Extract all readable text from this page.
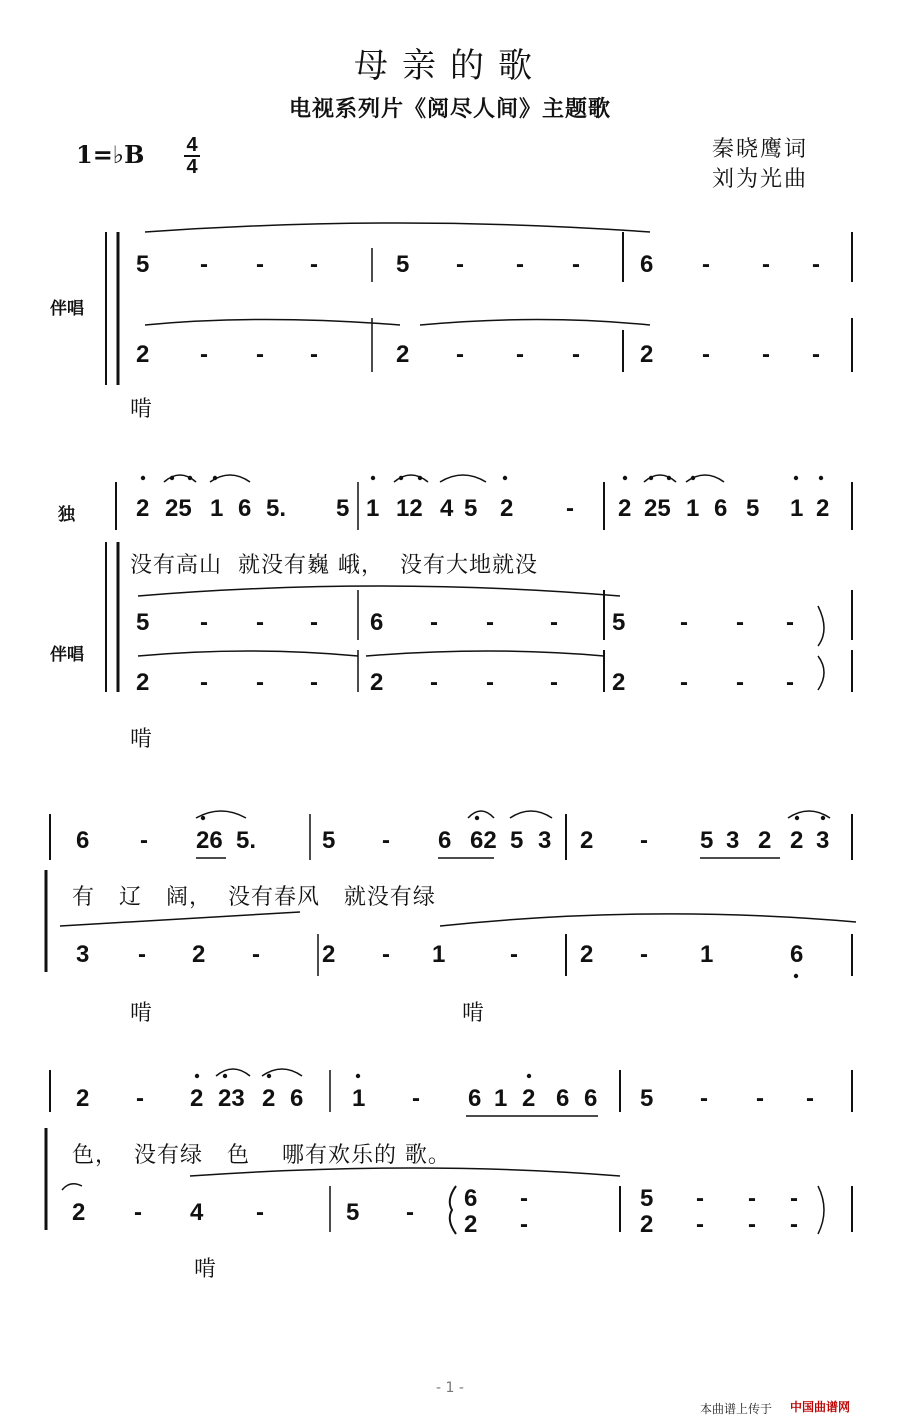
母亲的歌
电视系列片《阅尽人间》主题歌
1=♭B 4
4
秦晓鹰词
刘为光曲
伴唱
独
伴唱
啃
没有高山  就没有巍 峨，  没有大地就没
啃
有   辽   阔，  没有春风   就没有绿
啃	啃
色，  没有绿   色    哪有欢乐的 歌。
啃
5 - - -	5 - - -	6 - - -
2 - - -	2 - - -	2 - - -
2 25 1 6 5. 5 1 12 4 5 2 - 2 25 1 6 5 1 2
5 - - - 6 - - - 5 - - -
2 - - - 2 - - - 2 - - -
6 - 26 5.	5 - 6 62 5 3 2 - 5 3 2 2 3
3 - 2 -	2 - 1	-	2 - 1	6
2 - 2 23 2 6 1 - 6 1 2 6 6 5 - - -
2 - 4 -	5 -
6 -
2 -
5 - - -
2 - - -
- 1 -
本曲谱上传于 中国曲谱网
